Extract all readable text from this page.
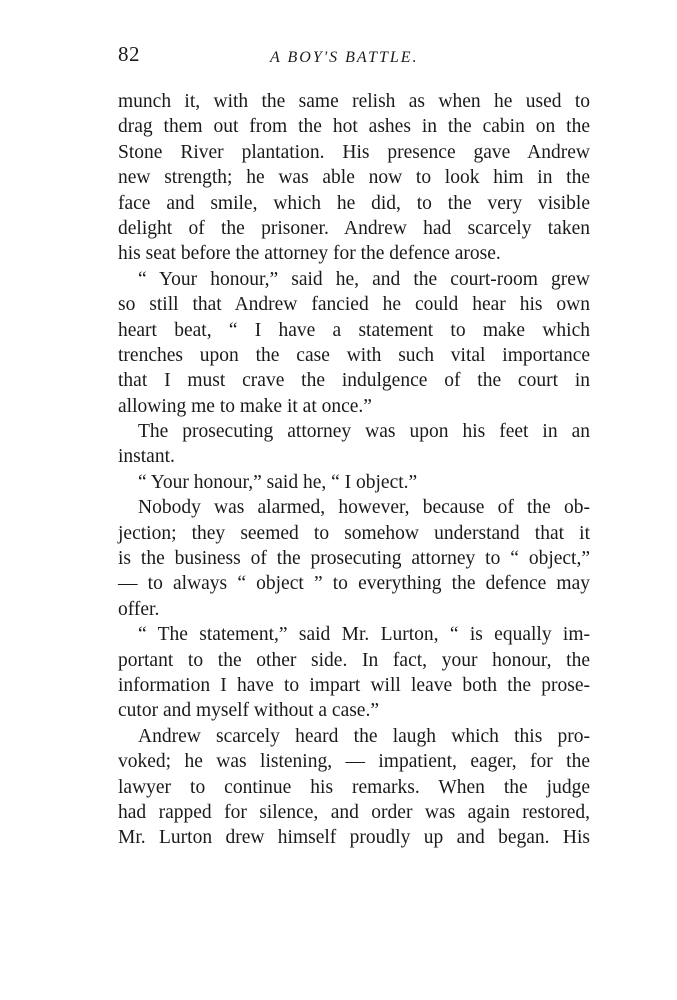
82	A BOY'S BATTLE.
munch it, with the same relish as when he used to
drag them out from the hot ashes in the cabin on the
Stone River plantation. His presence gave Andrew
new strength; he was able now to look him in the
face and smile, which he did, to the very visible
delight of the prisoner. Andrew had scarcely taken
his seat before the attorney for the defence arose.
“ Your honour,” said he, and the court-room grew
so still that Andrew fancied he could hear his own
heart beat, “ I have a statement to make which
trenches upon the case with such vital importance
that I must crave the indulgence of the court in
allowing me to make it at once.”
The prosecuting attorney was upon his feet in an
instant.
“ Your honour,” said he, “ I object.”
Nobody was alarmed, however, because of the ob-
jection; they seemed to somehow understand that it
is the business of the prosecuting attorney to “ object,”
— to always “ object ” to everything the defence may
offer.
“ The statement,” said Mr. Lurton, “ is equally im-
portant to the other side. In fact, your honour, the
information I have to impart will leave both the prose-
cutor and myself without a case.”
Andrew scarcely heard the laugh which this pro-
voked; he was listening, — impatient, eager, for the
lawyer to continue his remarks. When the judge
had rapped for silence, and order was again restored,
Mr. Lurton drew himself proudly up and began. His
